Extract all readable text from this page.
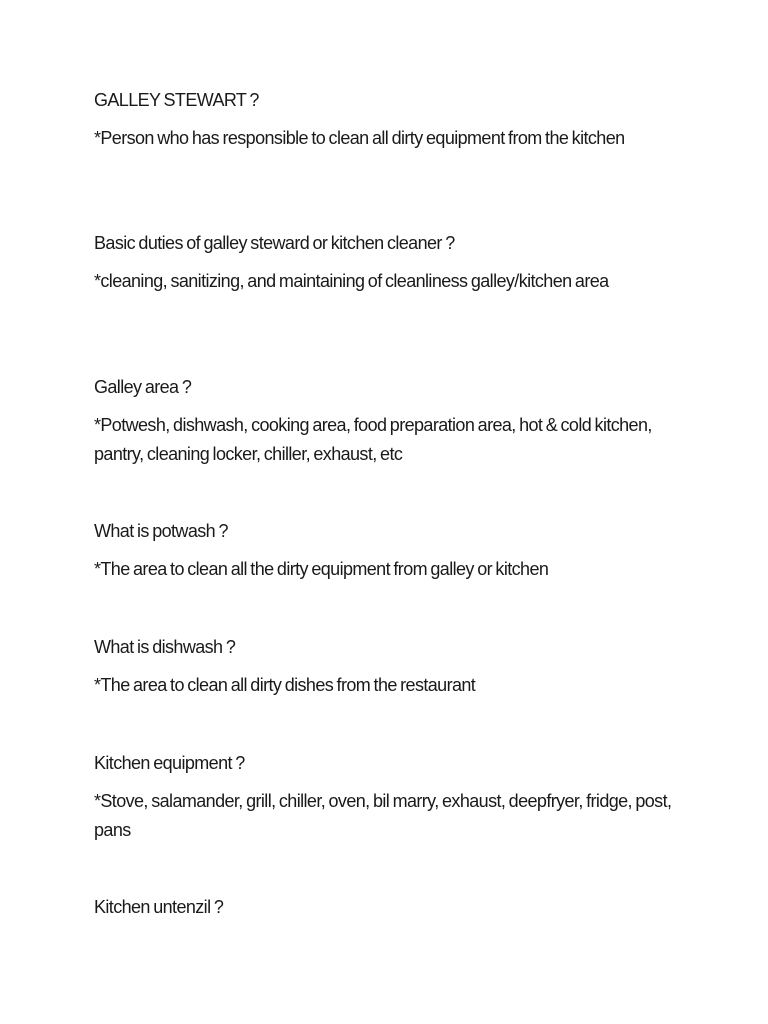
GALLEY STEWART ?

*Person who has responsible to clean all dirty equipment from the kitchen

Basic duties of galley steward or kitchen cleaner ?

*cleaning, sanitizing, and maintaining of cleanliness galley/kitchen area

Galley area ?

*Potwesh, dishwash, cooking area, food preparation area, hot & cold kitchen, pantry, cleaning locker, chiller, exhaust, etc

What is potwash ?

*The area to clean all the dirty equipment from galley or kitchen

What is dishwash ?

*The area to clean all dirty dishes from the restaurant

Kitchen equipment ?

*Stove, salamander, grill, chiller, oven, bil marry, exhaust, deepfryer, fridge, post, pans

Kitchen untenzil ?
